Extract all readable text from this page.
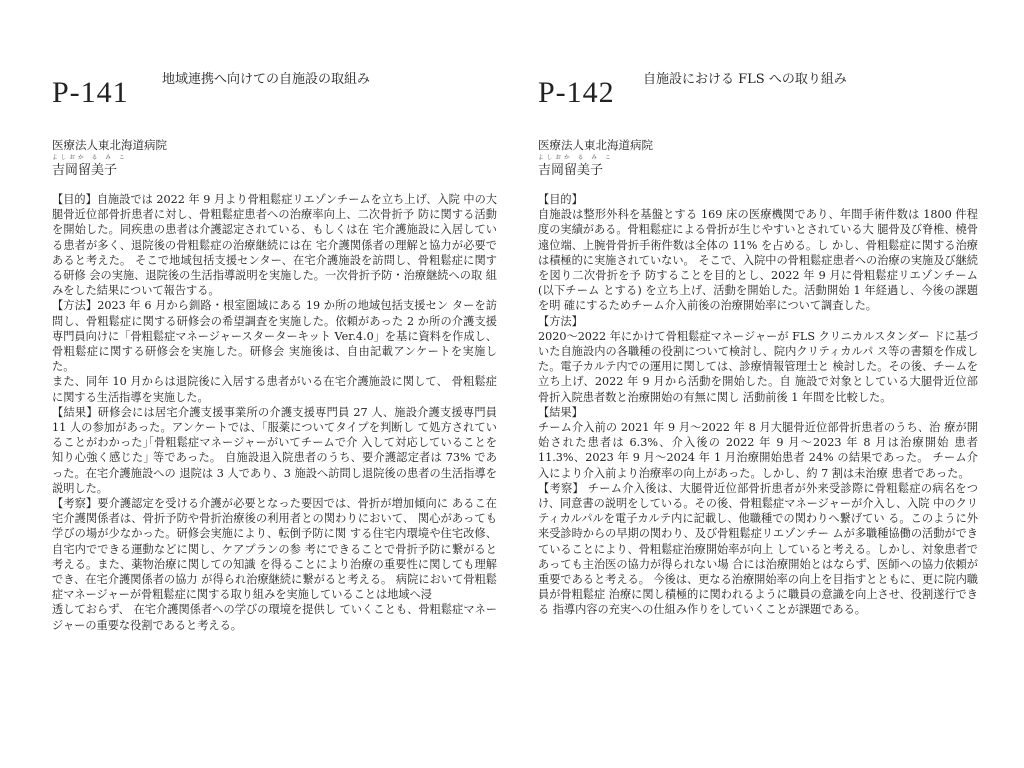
P-141	地域連携へ向けての自施設の取組み
医療法人東北海道病院
よしおか る み こ
吉岡留美子

【目的】自施設では 2022 年 9 月より骨粗鬆症リエゾンチームを立ち上げ、入院 中の大腿骨近位部骨折患者に対し、骨粗鬆症患者への治療率向上、二次骨折予 防に関する活動を開始した。同疾患の患者は介護認定されている、もしくは在 宅介護施設に入居している患者が多く、退院後の骨粗鬆症の治療継続には在 宅介護関係者の理解と協力が必要であると考えた。 そこで地域包括支援センター、在宅介護施設を訪問し、骨粗鬆症に関する研修 会の実施、退院後の生活指導説明を実施した。一次骨折予防・治療継続への取 組みをした結果について報告する。

【方法】2023 年 6 月から釧路・根室圏域にある 19 か所の地域包括支援セン ターを訪問し、骨粗鬆症に関する研修会の希望調査を実施した。依頼があった 2 か所の介護支援専門員向けに「骨粗鬆症マネージャースターターキット Ver.4.0」を基に資料を作成し、骨粗鬆症に関する研修会を実施した。研修会 実施後は、自由記載アンケートを実施した。

また、同年 10 月からは退院後に入居する患者がいる在宅介護施設に関して、 骨粗鬆症に関する生活指導を実施した。

【結果】研修会には居宅介護支援事業所の介護支援専門員 27 人、施設介護支援専門員 11 人の参加があった。アンケートでは、｢服薬についてタイプを判断し て処方されていることがわかった｣｢骨粗鬆症マネージャーがいてチームで介 入して対応していることを知り心強く感じた｣ 等であった。 自施設退入院患者のうち、要介護認定者は 73% であった。在宅介護施設への 退院は 3 人であり、3 施設へ訪問し退院後の患者の生活指導を説明した。

【考察】要介護認定を受ける介護が必要となった要因では、骨折が増加傾向に あるこ在宅介護関係者は、骨折予防や骨折治療後の利用者との関わりにおいて、 関心があっても学びの場が少なかった。研修会実施により、転倒予防に関 する住宅内環境や住宅改修、自宅内でできる運動などに関し、ケアプランの参 考にできることで骨折予防に繋がると考える。また、薬物治療に関しての知識 を得ることにより治療の重要性に関しても理解でき、在宅介護関係者の協力 が得られ治療継続に繋がると考える。 病院において骨粗鬆症マネージャーが骨粗鬆症に関する取り組みを実施していることは地域へ浸

透しておらず、 在宅介護関係者への学びの環境を提供し ていくことも、骨粗鬆症マネージャーの重要な役割であると考える。

P-142 自施設における FLS への取り組み
医療法人東北海道病院
よしおか る み こ
吉岡留美子

【目的】

自施設は整形外科を基盤とする 169 床の医療機関であり、年間手術件数は 1800 件程度の実績がある。骨粗鬆症による骨折が生じやすいとされている大 腿骨及び脊椎、橈骨遠位端、上腕骨骨折手術件数は全体の 11% を占める。し かし、骨粗鬆症に関する治療は積極的に実施されていない。 そこで、入院中の骨粗鬆症患者への治療の実施及び継続を図り二次骨折を予 防することを目的とし、2022 年 9 月に骨粗鬆症リエゾンチーム (以下チーム とする) を立ち上げ、活動を開始した。活動開始 1 年経過し、今後の課題を明 確にするためチーム介入前後の治療開始率について調査した。

【方法】

2020〜2022 年にかけて骨粗鬆症マネージャーが FLS クリニカルスタンダー ドに基づいた自施設内の各職種の役割について検討し、院内クリティカルパ ス等の書類を作成した。電子カルテ内での運用に関しては、診療情報管理士と 検討した。その後、チームを立ち上げ、2022 年 9 月から活動を開始した。自 施設で対象としている大腿骨近位部骨折入院患者数と治療開始の有無に関し 活動前後 1 年間を比較した。

【結果】

チーム介入前の 2021 年 9 月〜2022 年 8 月大腿骨近位部骨折患者のうち、治 療が開始された患者は 6.3%、介入後の 2022 年 9 月〜2023 年 8 月は治療開始 患者 11.3%、2023 年 9 月〜2024 年 1 月治療開始患者 24% の結果であった。 チーム介入により介入前より治療率の向上があった。しかし、約 7 割は未治療 患者であった。

【考察】 チーム介入後は、大腿骨近位部骨折患者が外来受診際に骨粗鬆症の病名をつ け、同意書の説明をしている。その後、骨粗鬆症マネージャーが介入し、入院 中のクリティカルパルを電子カルテ内に記載し、他職種での関わりへ繋げてい る。このように外来受診時からの早期の関わり、及び骨粗鬆症リエゾンチー ムが多職種協働の活動ができていることにより、骨粗鬆症治療開始率が向上 していると考える。しかし、対象患者であっても主治医の協力が得られない場 合には治療開始とはならず、医師への協力依頼が重要であると考える。 今後は、更なる治療開始率の向上を目指すとともに、更に院内職員が骨粗鬆症 治療に関し積極的に関われるように職員の意識を向上させ、役割遂行できる 指導内容の充実への仕組み作りをしていくことが課題である。
